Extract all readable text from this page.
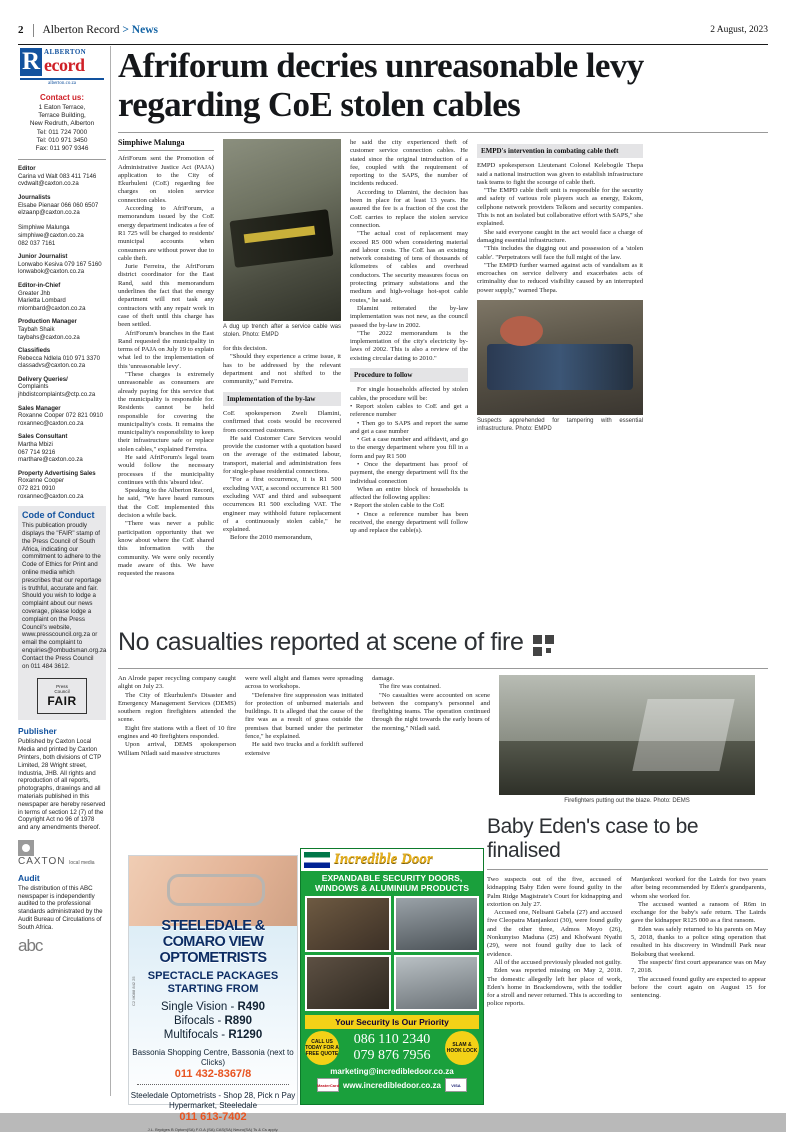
2	Alberton Record > News	2 August, 2023
R ALBERTON
ecord
alberton.co.za
Contact us:
1 Eaton Terrace,
Terrace Building,
New Redruth, Alberton
Tel: 011 724 7000
Tel: 010 971 3450
Fax: 011 907 9346
Editor
Carina vd Walt 083 411 7146
cvdwalt@caxton.co.za
Journalists
Elsabe Pienaar 066 060 6507
elzaanp@caxton.co.za

Simphiwe Malunga
simphiwe@caxton.co.za
082 037 7161
Junior Journalist
Lonwabo Kesiva 079 167 5160
lonwabok@caxton.co.za
Editor-in-Chief
Greater Jhb
Marietta Lombard
mlombard@caxton.co.za
Production Manager
Taybah Shaik
taybahs@caxton.co.za
Classifieds
Rebecca Ndlela 010 971 3370
classadvs@caxton.co.za
Delivery Queries/
Complaints
jhbdistcomplaints@ctp.co.za
Sales Manager
Roxanne Cooper 072 821 0910
roxannec@caxton.co.za
Sales Consultant
Martha Mbizi
067 714 9216
marthare@caxton.co.za
Property Advertising Sales
Roxanne Cooper
072 821 0910
roxannec@caxton.co.za
Code of Conduct
This publication proudly displays the "FAIR" stamp of the Press Council of South Africa, indicating our commitment to adhere to the Code of Ethics for Print and online media which prescribes that our reportage is truthful, accurate and fair. Should you wish to lodge a complaint about our news coverage, please lodge a complaint on the Press Council's website, www.presscouncil.org.za or email the complaint to enquiries@ombudsman.org.za Contact the Press Council on 011 484 3612.
Press
Council
FAIR
Publisher
Published by Caxton Local Media and printed by Caxton Printers, both divisions of CTP Limited, 28 Wright street, Industria, JHB. All rights and reproduction of all reports, photographs, drawings and all materials published in this newspaper are hereby reserved in terms of section 12 (7) of the Copyright Act no 96 of 1978 and any amendments thereof.
CAXTON local media
Audit
The distribution of this ABC newspaper is independently audited to the professional standards administrated by the Audit Bureau of Circulations of South Africa.
abc
Afriforum decries unreasonable levy regarding CoE stolen cables
Simphiwe Malunga

AfriForum sent the Promotion of Administrative Justice Act (PAJA) application to the City of Ekurhuleni (CoE) regarding fee charges on stolen service connection cables.

According to AfriForum, a memorandum issued by the CoE energy department indicates a fee of R1 725 will be charged to residents' municipal accounts when consumers are without power due to cable theft.

Jurie Ferreira, the AfriForum district coordinator for the East Rand, said this memorandum underlines the fact that the energy department will not task any contractors with any repair work in case of theft until this charge has been settled.

AfriForum's branches in the East Rand requested the municipality in terms of PAJA on July 19 to explain what led to the implementation of this 'unreasonable levy'.

"These charges is extremely unreasonable as consumers are already paying for this service that the municipality is responsible for. Residents cannot be held responsible for covering the municipality's costs. It remains the municipality's responsibility to keep their infrastructure safe or replace stolen cables," explained Ferreira.

He said AfriForum's legal team would follow the necessary processes if the municipality continues with this 'absurd idea'.

Speaking to the Alberton Record, he said, "We have heard rumours that the CoE implemented this decision a while back.

"There was never a public participation opportunity that we know about where the CoE shared this information with the community. We were only recently made aware of this. We have requested the reasons

A dug up trench after a service cable was stolen. Photo: EMPD

for this decision.

"Should they experience a crime issue, it has to be addressed by the relevant department and not shifted to the community," said Ferreira.

Implementation of the by-law

CoE spokesperson Zweli Dlamini, confirmed that costs would be recovered from concerned customers.

He said Customer Care Services would provide the customer with a quotation based on the average of the estimated labour, transport, material and administration fees for single-phase residential connections.

"For a first occurrence, it is R1 500 excluding VAT, a second occurrence R1 500 excluding VAT and third and subsequent occurrences R1 500 excluding VAT. The engineer may withhold future replacement of a continuously stolen cable," he explained.

Before the 2010 memorandum,

he said the city experienced theft of customer service connection cables. He stated since the original introduction of a fee, coupled with the requirement of reporting to the SAPS, the number of incidents reduced.

According to Dlamini, the decision has been in place for at least 13 years. He assured the fee is a fraction of the cost the CoE carries to replace the stolen service connection.

"The actual cost of replacement may exceed R5 000 when considering material and labour costs. The CoE has an existing network consisting of tens of thousands of kilometres of cables and overhead conductors. The security measures focus on protecting primary substations and the medium and high-voltage hot-spot cable routes," he said.

Dlamini reiterated the by-law implementation was not new, as the council passed the by-law in 2002.

"The 2022 memorandum is the implementation of the city's electricity by-laws of 2002. This is also a review of the existing circular dating to 2010."

Procedure to follow

For single households affected by stolen cables, the procedure will be:

• Report stolen cables to CoE and get a reference number

• Then go to SAPS and report the same and get a case number

• Get a case number and affidavit, and go to the energy department where you fill in a form and pay R1 500

• Once the department has proof of payment, the energy department will fix the individual connection

When an entire block of households is affected the following applies:

• Report the stolen cable to the CoE

• Once a reference number has been received, the energy department will follow up and replace the cable(s).

EMPD's intervention in combating cable theft

EMPD spokesperson Lieutenant Colonel Kelebogile Thepa said a national instruction was given to establish infrastructure task teams to fight the scourge of cable theft.

"The EMPD cable theft unit is responsible for the security and safety of various role players such as energy, Eskom, cellphone network providers Telkom and security companies. This is not an isolated but collaborative effort with SAPS," she explained.

She said everyone caught in the act would face a charge of damaging essential infrastructure.

"This includes the digging out and possession of a 'stolen cable'. "Perpetrators will face the full might of the law.

"The EMPD further warned against acts of vandalism as it encroaches on service delivery and exacerbates acts of criminality due to reduced visibility caused by an interrupted power supply," warned Thepa.

Suspects apprehended for tampering with essential infrastructure. Photo: EMPD
No casualties reported at scene of fire

An Alrode paper recycling company caught alight on July 23.

The City of Ekurhuleni's Disaster and Emergency Management Services (DEMS) southern region firefighters attended the scene.

Eight fire stations with a fleet of 10 fire engines and 40 firefighters responded.

Upon arrival, DEMS spokesperson William Ntladi said massive structures

were well alight and flames were spreading across to workshops.

"Defensive fire suppression was initiated for protection of unburned materials and buildings. It is alleged that the cause of the fire was as a result of grass outside the premises that burned under the perimeter fence," he explained.

He said two trucks and a forklift suffered extensive

damage.

The fire was contained.

"No casualties were accounted on scene between the company's personnel and firefighting teams. The operation continued through the night towards the early hours of the morning," Ntladi said.

Firefighters putting out the blaze. Photo: DEMS
Baby Eden's case to be finalised

Two suspects out of the five, accused of kidnapping Baby Eden were found guilty in the Palm Ridge Magistrate's Court for kidnapping and extortion on July 27.

Accused one, Nelisani Gabela (27) and accused five Cleopatra Manjankozi (30), were found guilty and the other three, Admos Moyo (26), Nonkunyiso Maduna (25) and Khofwani Nyathi (29), were not found guilty due to lack of evidence.

All of the accused previously pleaded not guilty.

Eden was reported missing on May 2, 2018. The domestic allegedly left her place of work, Eden's home in Brackendowns, with the toddler for a stroll and never returned. This is according to police reports.

Manjankozi worked for the Lairds for two years after being recommended by Eden's grandparents, whom she worked for.

The accused wanted a ransom of R6m in exchange for the baby's safe return. The Lairds gave the kidnapper R125 000 as a first ransom.

Eden was safely returned to his parents on May 5, 2018, thanks to a police sting operation that resulted in his discovery in Windmill Park near Boksburg that weekend.

The suspects' first court appearance was on May 7, 2018.

The accused found guilty are expected to appear before the court again on August 15 for sentencing.

C2 M088 842 25
STEELEDALE & COMARO VIEW OPTOMETRISTS
SPECTACLE PACKAGES STARTING FROM
Single Vision - R490
Bifocals - R890
Multifocals - R1290
Bassonia Shopping Centre, Bassonia (next to Clicks)
011 432-8367/8
Steeledale Optometrists - Shop 28, Pick n Pay Hypermarket, Steeledale
011 613-7402
J.L. Brydges B Optom(SA) F.O.A (SA) CAS(SA) Neuro(SA) Ts & Cs apply.
Incredible Door
EXPANDABLE SECURITY DOORS, WINDOWS & ALUMINIUM PRODUCTS
Your Security Is Our Priority
CALL US TODAY FOR A FREE QUOTE
086 110 2340
079 876 7956
SLAM & HOOK LOCK
marketing@incredibledoor.co.za
MasterCard www.incredibledoor.co.za	VISA
